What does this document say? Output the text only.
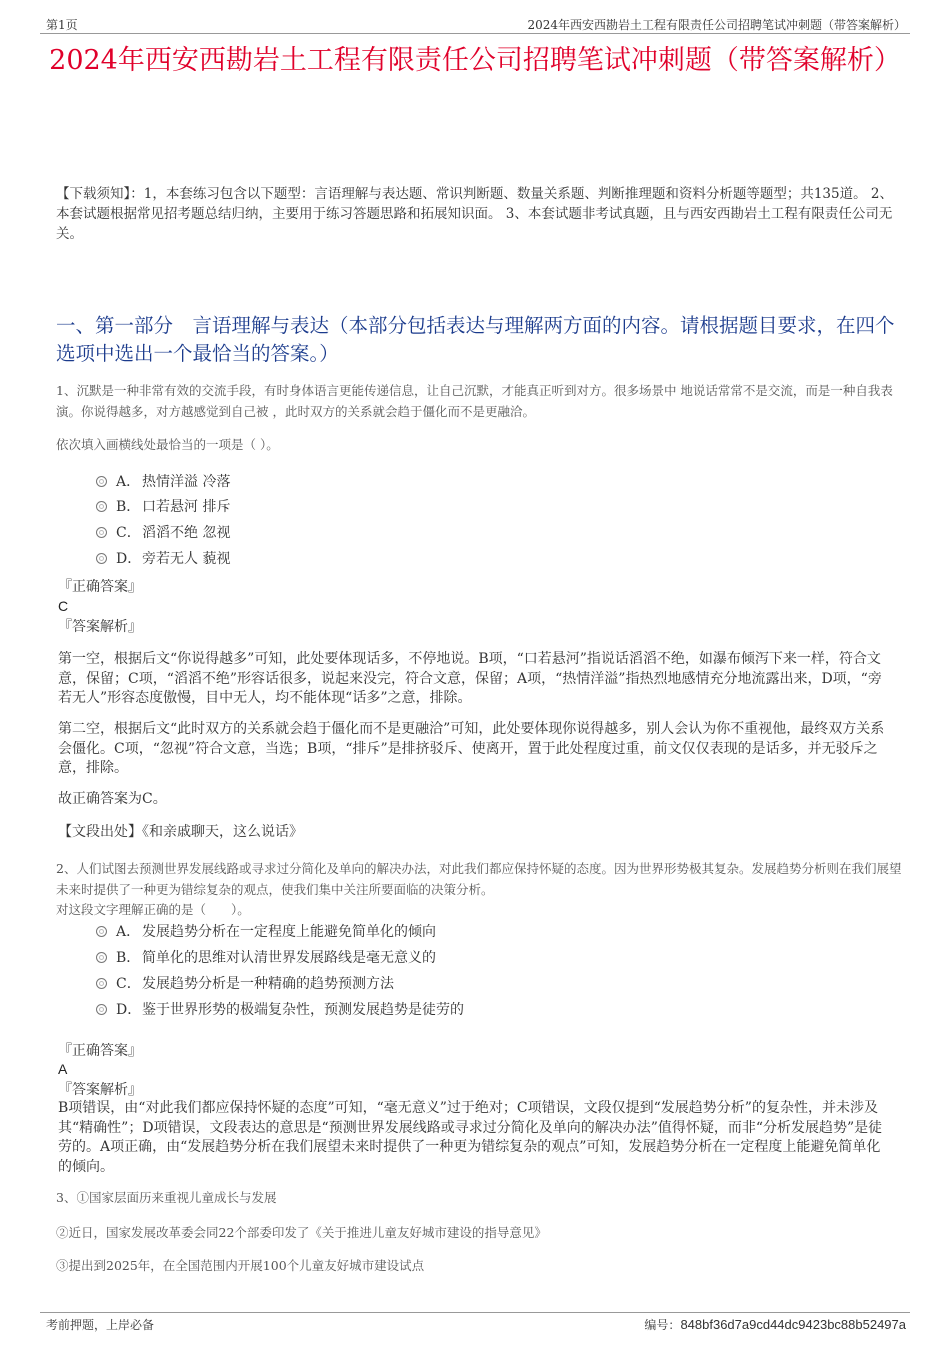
第1页	2024年西安西勘岩土工程有限责任公司招聘笔试冲刺题（带答案解析）
2024年西安西勘岩土工程有限责任公司招聘笔试冲刺题（带答案解析）
【下载须知】：1，本套练习包含以下题型：言语理解与表达题、常识判断题、数量关系题、判断推理题和资料分析题等题型；共135道。 2、本套试题根据常见招考题总结归纳，主要用于练习答题思路和拓展知识面。 3、本套试题非考试真题，且与西安西勘岩土工程有限责任公司无关。
一、第一部分　言语理解与表达（本部分包括表达与理解两方面的内容。请根据题目要求，在四个选项中选出一个最恰当的答案。）
1、沉默是一种非常有效的交流手段，有时身体语言更能传递信息，让自己沉默，才能真正听到对方。很多场景中 地说话常常不是交流，而是一种自我表演。你说得越多，对方越感觉到自己被 ，此时双方的关系就会趋于僵化而不是更融洽。
依次填入画横线处最恰当的一项是（ ）。
A． 热情洋溢 冷落
B． 口若悬河 排斥
C．滔滔不绝 忽视
D．旁若无人 藐视
『正确答案』
C
『答案解析』
第一空，根据后文“你说得越多”可知，此处要体现话多，不停地说。B项，“口若悬河”指说话滔滔不绝，如瀑布倾泻下来一样，符合文意，保留；C项，“滔滔不绝”形容话很多，说起来没完，符合文意，保留；A项，“热情洋溢”指热烈地感情充分地流露出来，D项，“旁若无人”形容态度傲慢，目中无人，均不能体现“话多”之意，排除。
第二空，根据后文“此时双方的关系就会趋于僵化而不是更融洽”可知，此处要体现你说得越多，别人会认为你不重视他，最终双方关系会僵化。C项，“忽视”符合文意，当选；B项，“排斥”是排挤驳斥、使离开，置于此处程度过重，前文仅仅表现的是话多，并无驳斥之意，排除。
故正确答案为C。
【文段出处】《和亲戚聊天，这么说话》
2、人们试图去预测世界发展线路或寻求过分简化及单向的解决办法，对此我们都应保持怀疑的态度。因为世界形势极其复杂。发展趋势分析则在我们展望未来时提供了一种更为错综复杂的观点，使我们集中关注所要面临的决策分析。
对这段文字理解正确的是（　　）。
A． 发展趋势分析在一定程度上能避免简单化的倾向
B． 简单化的思维对认清世界发展路线是毫无意义的
C．发展趋势分析是一种精确的趋势预测方法
D．鉴于世界形势的极端复杂性，预测发展趋势是徒劳的
『正确答案』
A
『答案解析』
B项错误，由“对此我们都应保持怀疑的态度”可知，“毫无意义”过于绝对；C项错误，文段仅提到“发展趋势分析”的复杂性，并未涉及其“精确性”；D项错误，文段表达的意思是“预测世界发展线路或寻求过分简化及单向的解决办法”值得怀疑，而非“分析发展趋势”是徒劳的。A项正确，由“发展趋势分析在我们展望未来时提供了一种更为错综复杂的观点”可知，发展趋势分析在一定程度上能避免简单化的倾向。
3、①国家层面历来重视儿童成长与发展
②近日，国家发展改革委会同22个部委印发了《关于推进儿童友好城市建设的指导意见》
③提出到2025年，在全国范围内开展100个儿童友好城市建设试点
考前押题，上岸必备	编号：848bf36d7a9cd44dc9423bc88b52497a
